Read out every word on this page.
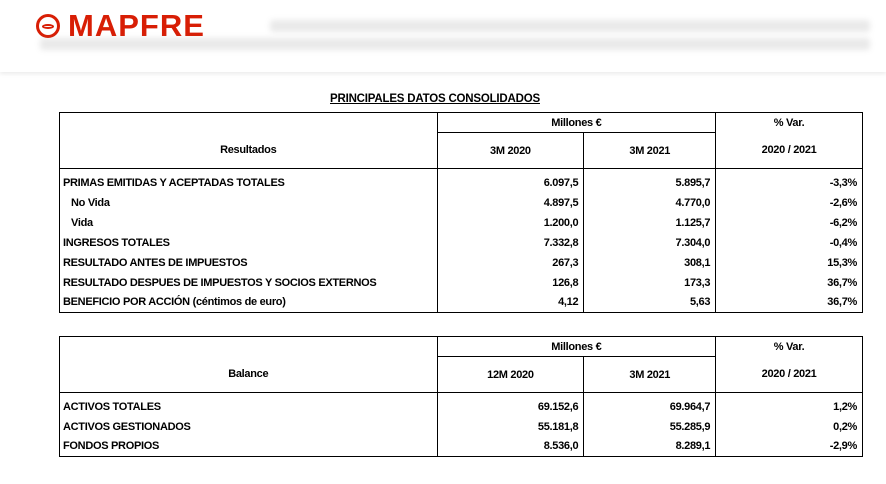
MAPFRE
PRINCIPALES DATOS CONSOLIDADOS
	Millones €		% Var.
Resultados	3M 2020	3M 2021	2020 / 2021
PRIMAS EMITIDAS Y ACEPTADAS TOTALES	6.097,5	5.895,7	-3,3%
No Vida	4.897,5	4.770,0	-2,6%
Vida	1.200,0	1.125,7	-6,2%
INGRESOS TOTALES	7.332,8	7.304,0	-0,4%
RESULTADO ANTES DE IMPUESTOS	267,3	308,1	15,3%
RESULTADO DESPUES DE IMPUESTOS Y SOCIOS EXTERNOS	126,8	173,3	36,7%
BENEFICIO POR ACCIÓN (céntimos de euro)	4,12	5,63	36,7%
	Millones €		% Var.
Balance	12M 2020	3M 2021	2020 / 2021
ACTIVOS TOTALES	69.152,6	69.964,7	1,2%
ACTIVOS GESTIONADOS	55.181,8	55.285,9	0,2%
FONDOS PROPIOS	8.536,0	8.289,1	-2,9%
